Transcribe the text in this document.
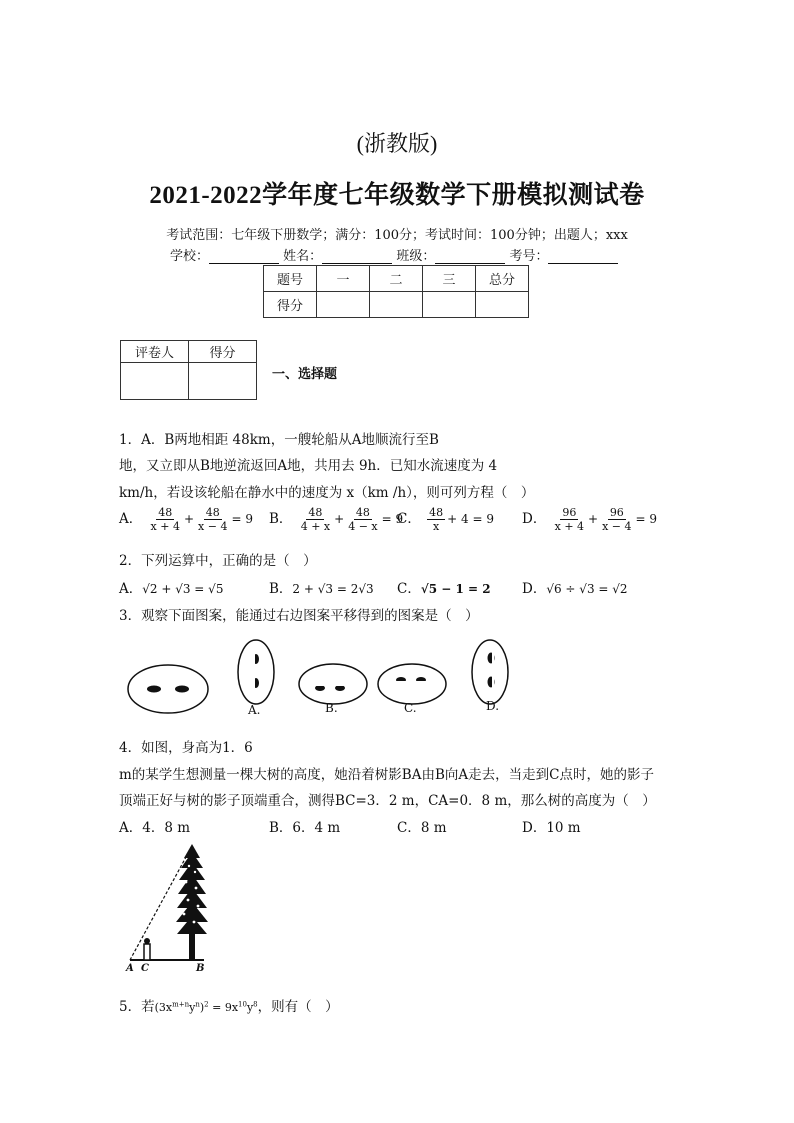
(浙教版)
2021-2022学年度七年级数学下册模拟测试卷
考试范围：七年级下册数学；满分：100分；考试时间：100分钟；出题人；xxx
学校：	姓名：	班级：	考号：
题号	一	二	三	总分
得分				
评卷人	得分

一、选择题
1．A．B两地相距 48km，一艘轮船从A地顺流行至B
地，又立即从B地逆流返回A地，共用去 9h．已知水流速度为 4
km/h，若设该轮船在静水中的速度为 x（km /h），则可列方程（　）
A． $\frac{48}{x + 4} + \frac{48}{x - 4} = 9$ B． $\frac{48}{4 + x} + \frac{48}{4 - x} = 9$
C． $\frac{48}{x} + 4 = 9$ D． $\frac{96}{x + 4} + \frac{96}{x - 4} = 9$
2．下列运算中，正确的是（　）
A．√2 + √3 = √5	B．2 + √3 = 2√3 C．√5 − 1 = 2 D．√6 ÷ √3 = √2
3．观察下面图案，能通过右边图案平移得到的图案是（　）
A.	B.	C.	D.
4．如图，身高为1．6
m的某学生想测量一棵大树的高度，她沿着树影BA由B向A走去，当走到C点时，她的影子
顶端正好与树的影子顶端重合，测得BC=3．2 m，CA=0．8 m，那么树的高度为（　）
A．4．8 m	B．6．4 m	C．8 m	D．10 m
A C	B
5．若$(3x^{m+n}y^n)^2 = 9x^{10}y^8$，则有（　）
